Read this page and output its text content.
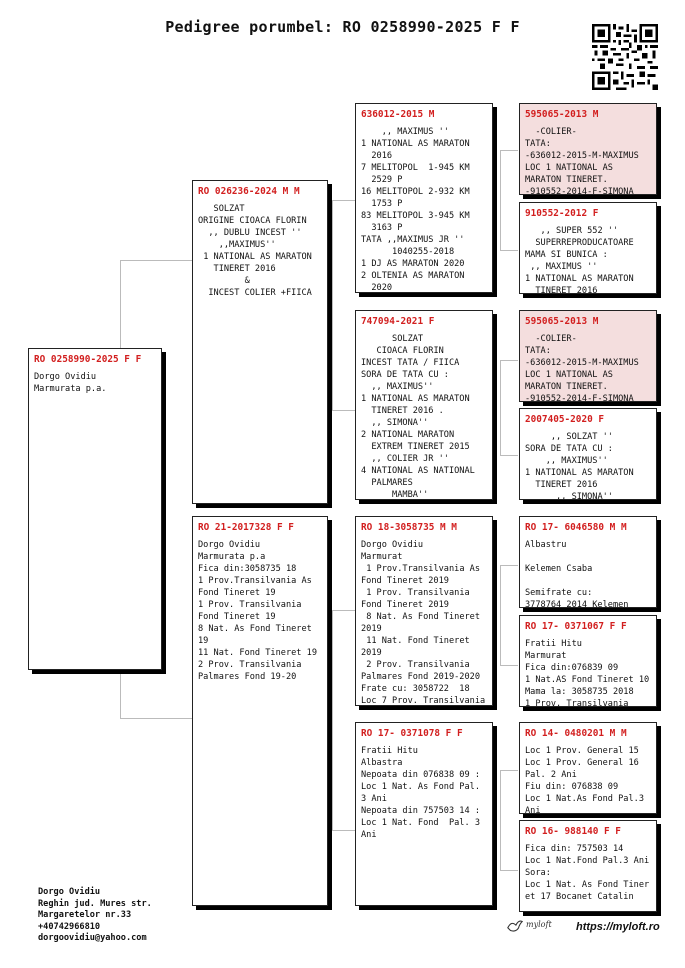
Pedigree porumbel: RO 0258990-2025 F F
RO 0258990-2025 F F
Dorgo Ovidiu
Marmurata p.a.
RO 026236-2024 M M
SOLZAT
ORIGINE CIOACA FLORIN
,, DUBLU INCEST ''
,,MAXIMUS''
1 NATIONAL AS MARATON
TINERET 2016
&
INCEST COLIER +FIICA
RO 21-2017328 F F
Dorgo Ovidiu
Marmurata p.a
Fica din:3058735 18
1 Prov.Transilvania As
Fond Tineret 19
1 Prov. Transilvania
Fond Tineret 19
8 Nat. As Fond Tineret
19
11 Nat. Fond Tineret 19
2 Prov. Transilvania
Palmares Fond 19-20
636012-2015 M
,, MAXIMUS ''
1 NATIONAL AS MARATON
2016
7 MELITOPOL  1-945 KM
2529 P
16 MELITOPOL 2-932 KM
1753 P
83 MELITOPOL 3-945 KM
3163 P
TATA ,,MAXIMUS JR ''
1040255-2018
1 DJ AS MARATON 2020
2 OLTENIA AS MARATON
2020
747094-2021 F
SOLZAT
CIOACA FLORIN
INCEST TATA / FIICA
SORA DE TATA CU :
,, MAXIMUS''
1 NATIONAL AS MARATON
TINERET 2016 .
,, SIMONA''
2 NATIONAL MARATON
EXTREM TINERET 2015
,, COLIER JR ''
4 NATIONAL AS NATIONAL
PALMARES
MAMBA''
RO 18-3058735 M M
Dorgo Ovidiu
Marmurat
1 Prov.Transilvania As
Fond Tineret 2019
1 Prov. Transilvania
Fond Tineret 2019
8 Nat. As Fond Tineret
2019
11 Nat. Fond Tineret
2019
2 Prov. Transilvania
Palmares Fond 2019-2020
Frate cu: 3058722  18
Loc 7 Prov. Transilvania
RO 17- 0371078 F F
Fratii Hitu
Albastra
Nepoata din 076838 09 :
Loc 1 Nat. As Fond Pal.
3 Ani
Nepoata din 757503 14 :
Loc 1 Nat. Fond  Pal. 3
Ani
595065-2013 M
-COLIER-
TATA:
-636012-2015-M-MAXIMUS
LOC 1 NATIONAL AS
MARATON TINERET.
-910552-2014-F-SIMONA
910552-2012 F
,, SUPER 552 ''
SUPERREPRODUCATOARE
MAMA SI BUNICA :
,, MAXIMUS ''
1 NATIONAL AS MARATON
TINERET 2016
595065-2013 M
-COLIER-
TATA:
-636012-2015-M-MAXIMUS
LOC 1 NATIONAL AS
MARATON TINERET.
-910552-2014-F-SIMONA
2007405-2020 F
,, SOLZAT ''
SORA DE TATA CU :
,, MAXIMUS''
1 NATIONAL AS MARATON
TINERET 2016
,, SIMONA''
RO 17- 6046580 M M
Albastru

Kelemen Csaba

Semifrate cu:
3778764 2014 Kelemen
RO 17- 0371067 F F
Fratii Hitu
Marmurat
Fica din:076839 09
1 Nat.AS Fond Tineret 10
Mama la: 3058735 2018
1 Prov. Transilvania
RO 14- 0480201 M M
Loc 1 Prov. General 15
Loc 1 Prov. General 16
Pal. 2 Ani
Fiu din: 076838 09
Loc 1 Nat.As Fond Pal.3
Ani
RO 16- 988140 F F
Fica din: 757503 14
Loc 1 Nat.Fond Pal.3 Ani
Sora:
Loc 1 Nat. As Fond Tiner
et 17 Bocanet Catalin
Dorgo Ovidiu
Reghin jud. Mures str.
Margaretelor nr.33
+40742966810
dorgoovidiu@yahoo.com
myloft https://myloft.ro
